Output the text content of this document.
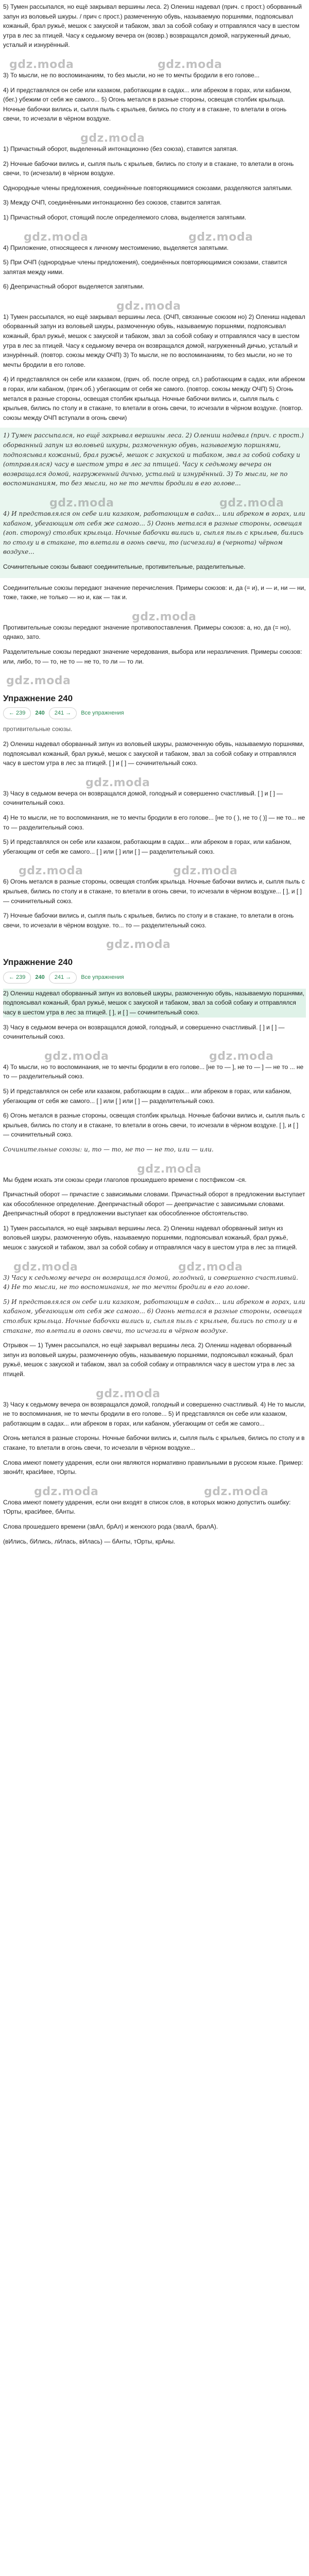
5) Тумен рассыпался, но ещё закрывал вершины леса. 2) Олениш надевал (прич. с прост.) оборванный запун из воловьей шкуры. / прич с прост.) размеченную обувь, называемую поршнями, подпоясывал кожаный, брал ружьё, мешок с закуской и табаком, звал за собой собаку и отправлялся часу в шестом утра в лес за птицей. Часу к седьмому вечера он (возвр.) возвращался домой, нагруженный дичью, усталый и изнурённый.

gdz.moda	gdz.moda

3) То мысли, не по воспоминаниям, то без мысли, но не то мечты бродили в его голове...

4) И представлялся он себе или казаком, работающим в садах... или абреком в горах, или кабаном, (бег.) убежим от себя же самого... 5) Огонь метался в разные стороны, освещая столбик крыльца. Ночные бабочки вились и, сыпля пыль с крыльев, бились по столу и в стакане, то влетали в огонь свечи, то исчезали в чёрном воздухе.

gdz.moda

1) Причастный оборот, выделенный интонационно (без союза), ставится запятая.

2) Ночные бабочки вились и, сыпля пыль с крыльев, бились по столу и в стакане, то влетали в огонь свечи, то (исчезали) в чёрном воздухе.

Однородные члены предложения, соединённые повторяющимися союзами, разделяются запятыми.

3) Между ОЧП, соединёнными интонационно без союзов, ставится запятая.

1) Причастный оборот, стоящий после определяемого слова, выделяется запятыми.

gdz.moda	gdz.moda

4) Приложение, относящееся к личному местоимению, выделяется запятыми.

5) При ОЧП (однородные члены предложения), соединённых повторяющимися союзами, ставится запятая между ними.

6) Деепричастный оборот выделяется запятыми.

gdz.moda

1) Тумен рассыпался, но ещё закрывал вершины леса. (ОЧП, связанные союзом но) 2) Олениш надевал оборванный запун из воловьей шкуры, размоченную обувь, называемую поршнями, подпоясывал кожаный, брал ружьё, мешок с закуской и табаком, звал за собой собаку и отправлялся часу в шестом утра в лес за птицей. Часу к седьмому вечера он возвращался домой, нагруженный дичью, усталый и изнурённый. (повтор. союзы между ОЧП) 3) То мысли, не по воспоминаниям, то без мысли, но не то мечты бродили в его голове.

4) И представлялся он себе или казаком, (прич. об. после опред. сл.) работающим в садах, или абреком в горах, или кабаном, (прич.об.) убегающим от себя же самого. (повтор. союзы между ОЧП) 5) Огонь метался в разные стороны, освещая столбик крыльца. Ночные бабочки вились и, сыпля пыль с крыльев, бились по столу и в стакане, то влетали в огонь свечи, то исчезали в чёрном воздухе. (повтор. союзы между ОЧП вступали в огонь свечи)

1) Тумен рассыпался, но ещё закрывал вершины леса. 2) Олениш надевал (прич. с прост.) оборванный запун из воловьей шкуры, размоченную обувь, называемую поршнями, подпоясывал кожаный, брал ружьё, мешок с закуской и табаком, звал за собой собаку и (отправлялся) часу в шестом утра в лес за птицей. Часу к седьмому вечера он возвращался домой, нагруженный дичью, усталый и изнурённый. 3) То мысли, не по воспоминаниям, то без мысли, но не то мечты бродили в его голове...

gdz.moda	gdz.moda

4) И представлялся он себе или казаком, работающим в садах... или абреком в горах, или кабаном, убегающим от себя же самого... 5) Огонь метался в разные стороны, освещая (гоп. сторону) столбик крыльца. Ночные бабочки вились и, сыпля пыль с крыльев, бились по столу и в стакане, то влетали в огонь свечи, то (исчезали) в (чернота) чёрном воздухе...

Сочинительные союзы бывают соединительные, противительные, разделительные.

Соединительные союзы передают значение перечисления. Примеры союзов: и, да (= и), и — и, ни — ни, тоже, также, не только — но и, как — так и.

gdz.moda

Противительные союзы передают значение противопоставления. Примеры союзов: а, но, да (= но), однако, зато.

Разделительные союзы передают значение чередования, выбора или неразличения. Примеры союзов: или, либо, то — то, не то — не то, то ли — то ли.

gdz.moda
Упражнение 240
← 239	240	241 →	Все упражнения

противительные союзы.

2) Олениш надевал оборванный зипун из воловьей шкуры, размоченную обувь, называемую поршнями, подпоясывал кожаный, брал ружьё, мешок с закуской и табаком, звал за собой собаку и отправлялся часу в шестом утра в лес за птицей. [ ] и [ ] — сочинительный союз.

gdz.moda

3) Часу в седьмом вечера он возвращался домой, голодный и совершенно счастливый. [ ] и [ ] — сочинительный союз.

4) Не то мысли, не то воспоминания, не то мечты бродили в его голове... [не то ( ), не то ( )] — не то... не то — разделительный союз.

5) И представлялся он себе или казаком, работающим в садах... или абреком в горах, или кабаном, убегающим от себя же самого... [ ] или [ ] или [ ] — разделительный союз.

gdz.moda	gdz.moda

6) Огонь метался в разные стороны, освещая столбик крыльца. Ночные бабочки вились и, сыпля пыль с крыльев, бились по столу и в стакане, то влетали в огонь свечи, то исчезали в чёрном воздухе... [ ], и [ ] — сочинительный союз.

7) Ночные бабочки вились и, сыпля пыль с крыльев, бились по столу и в стакане, то влетали в огонь свечи, то исчезали в чёрном воздухе. то... то — разделительный союз.

gdz.moda
Упражнение 240
← 239	240	241 →	Все упражнения

2) Олениш надевал оборванный зипун из воловьей шкуры, размоченную обувь, называемую поршнями, подпоясывал кожаный, брал ружьё, мешок с закуской и табаком, звал за собой собаку и отправлялся часу в шестом утра в лес за птицей. [ ], и [ ] — сочинительный союз.

3) Часу в седьмом вечера он возвращался домой, голодный, и совершенно счастливый. [ ] и [ ] — сочинительный союз.

gdz.moda	gdz.moda

4) То мысли, но то воспоминания, не то мечты бродили в его голове... [не то — ], не то — ] — не то ... не то — разделительный союз.

5) И представлялся он себе или казаком, работающим в садах... или абреком в горах, или кабаном, убегающим от себя же самого... [ ] или [ ] или [ ] — разделительный союз.

6) Огонь метался в разные стороны, освещая столбик крыльца. Ночные бабочки вились и, сыпля пыль с крыльев, бились по столу и в стакане, то влетали в огонь свечи, то исчезали в чёрном воздухе. [ ], и [ ] — сочинительный союз.

Сочинительные союзы: и, то — то, не то — не то, или — или.

gdz.moda

Мы будем искать эти союзы среди глаголов прошедшего времени с постфиксом -ся.

Причастный оборот — причастие с зависимыми словами. Причастный оборот в предложении выступает как обособленное определение. Деепричастный оборот — деепричастие с зависимыми словами. Деепричастный оборот в предложении выступает как обособленное обстоятельство.

1) Тумен рассыпался, но ещё закрывал вершины леса. 2) Олениш надевал оборванный зипун из воловьей шкуры, размоченную обувь, называемую поршнями, подпоясывал кожаный, брал ружьё, мешок с закуской и табаком, звал за собой собаку и отправлялся часу в шестом утра в лес за птицей.

gdz.moda	gdz.moda

3) Часу к седьмому вечера он возвращался домой, голодный, и совершенно счастливый. 4) Не то мысли, не то воспоминания, не то мечты бродили в его голове.

5) И представлялся он себе или казаком, работающим в садах... или абреком в горах, или кабаном, убегающим от себя же самого... 6) Огонь метался в разные стороны, освещая столбик крыльца. Ночные бабочки вились и, сыпля пыль с крыльев, бились по столу и в стакане, то влетали в огонь свечи, то исчезали в чёрном воздухе.

Отрывок — 1) Тумен рассыпался, но ещё закрывал вершины леса. 2) Олениш надевал оборванный зипун из воловьей шкуры, размоченную обувь, называемую поршнями, подпоясывал кожаный, брал ружьё, мешок с закуской и табаком, звал за собой собаку и отправлялся часу в шестом утра в лес за птицей.

gdz.moda

3) Часу к седьмому вечера он возвращался домой, голодный и совершенно счастливый. 4) Не то мысли, не то воспоминания, не то мечты бродили в его голове... 5) И представлялся он себе или казаком, работающим в садах... или абреком в горах, или кабаном, убегающим от себя же самого...

Огонь метался в разные стороны. Ночные бабочки вились и, сыпля пыль с крыльев, бились по столу и в стакане, то влетали в огонь свечи, то исчезали в чёрном воздухе...

Слова имеют помету ударения, если они являются нормативно правильными в русском языке. Пример: звонИт, красИвее, тОрты.

gdz.moda	gdz.moda

Слова имеют помету ударения, если они входят в список слов, в которых можно допустить ошибку: тОрты, красИвее, бАнты.

Слова прошедшего времени (звАл, брАл) и женского рода (звалА, бралА).

(вИлись, бИлись, лИлась, вИлась) — бАнты, тОрты, крАны.
